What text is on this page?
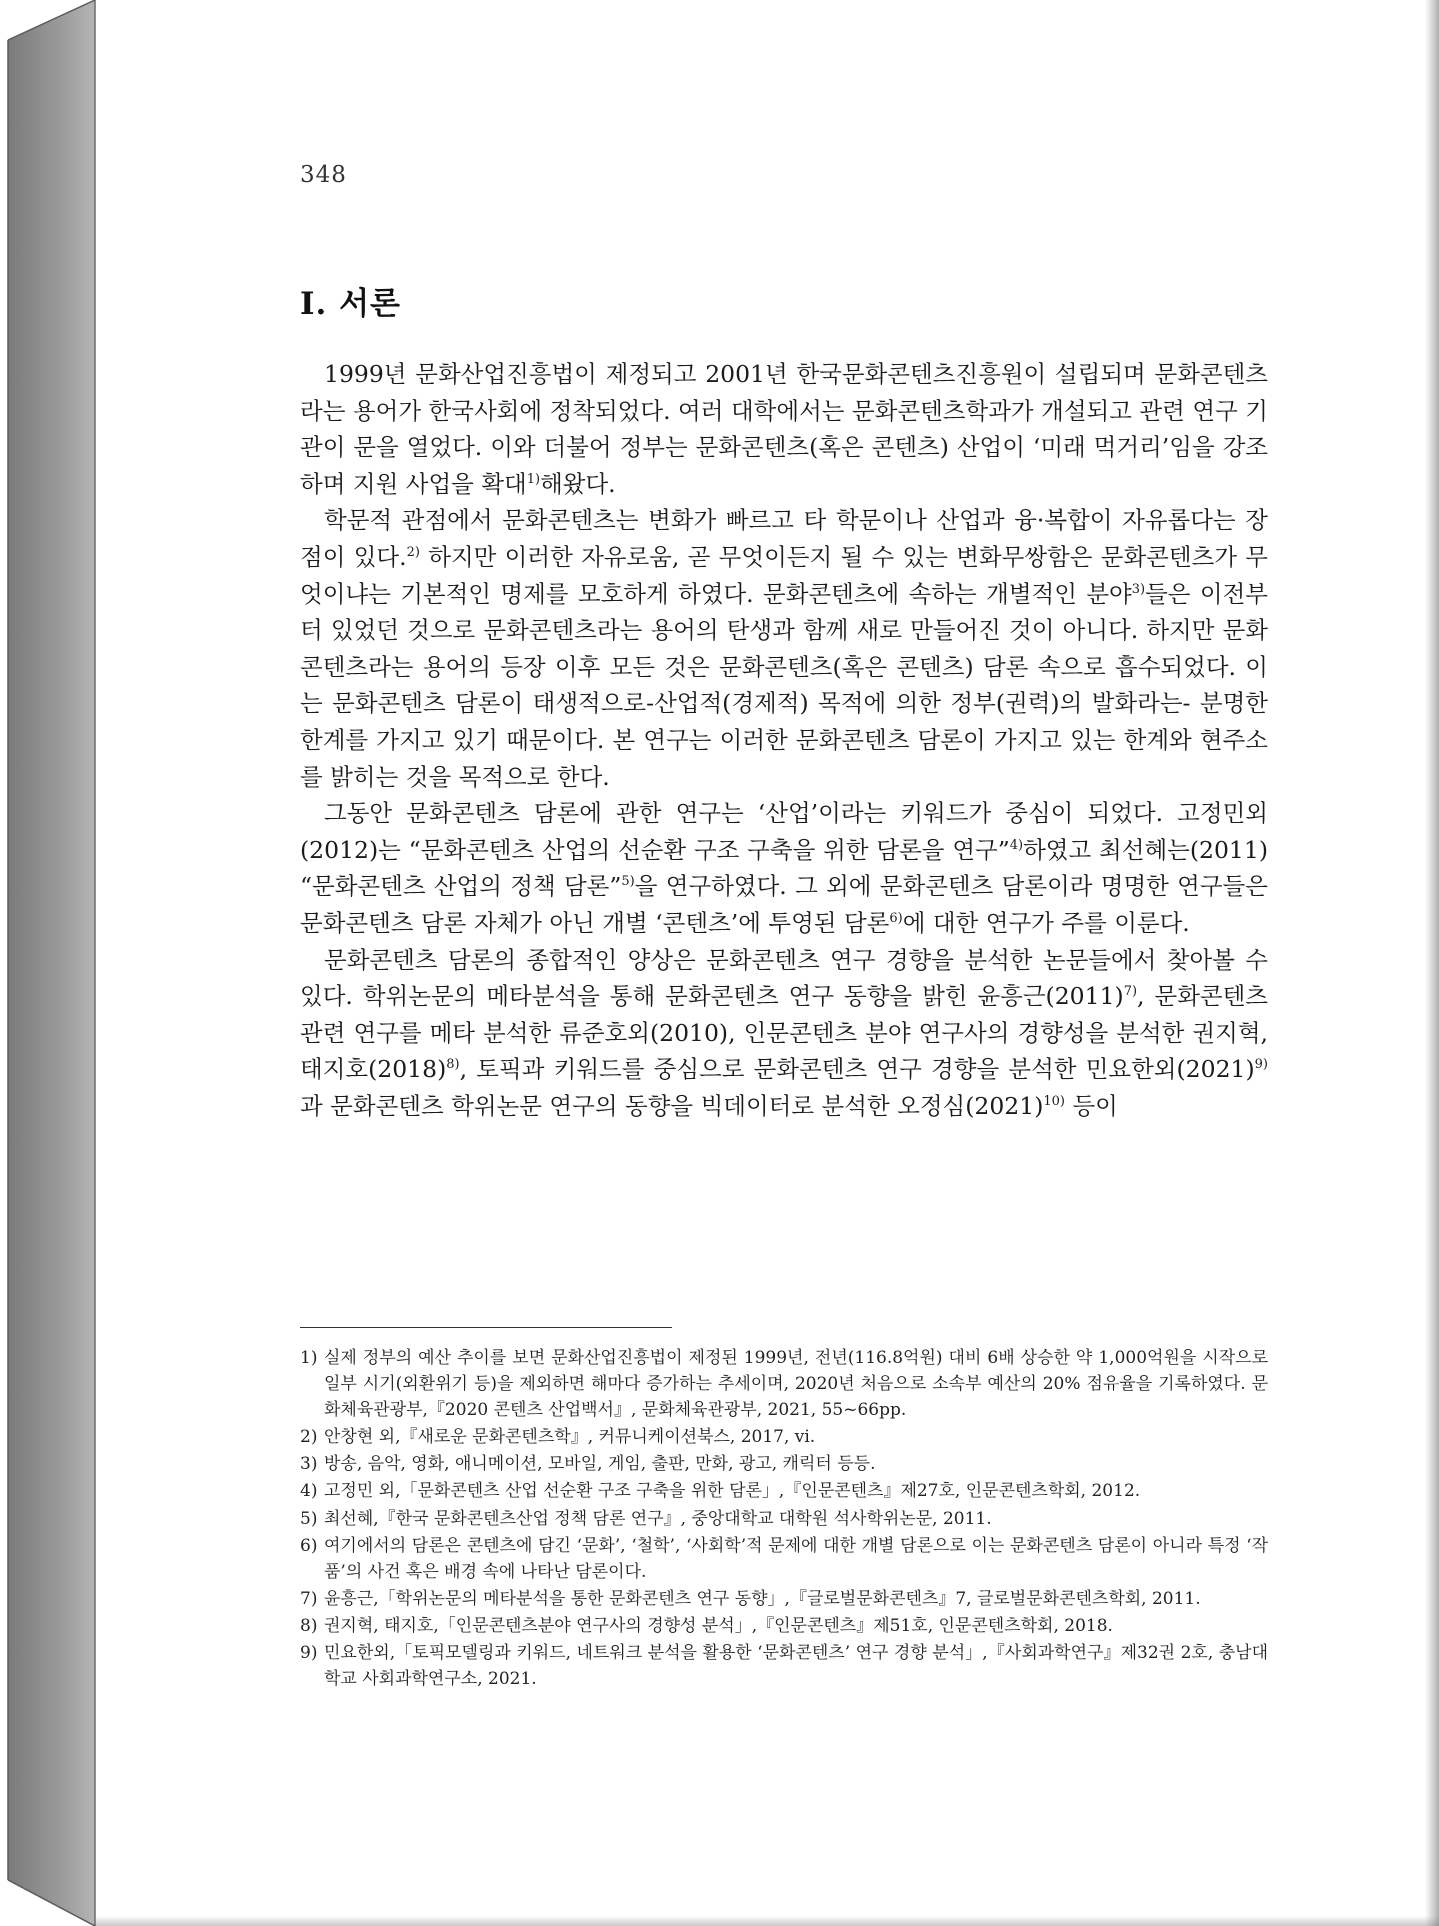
348
Ⅰ. 서론

1999년 문화산업진흥법이 제정되고 2001년 한국문화콘텐츠진흥원이 설립되며 문화콘텐츠라는 용어가 한국사회에 정착되었다. 여러 대학에서는 문화콘텐츠학과가 개설되고 관련 연구 기관이 문을 열었다. 이와 더불어 정부는 문화콘텐츠(혹은 콘텐츠) 산업이 ‘미래 먹거리’임을 강조하며 지원 사업을 확대$^{1)}$해왔다.

학문적 관점에서 문화콘텐츠는 변화가 빠르고 타 학문이나 산업과 융·복합이 자유롭다는 장점이 있다.$^{2)}$ 하지만 이러한 자유로움, 곧 무엇이든지 될 수 있는 변화무쌍함은 문화콘텐츠가 무엇이냐는 기본적인 명제를 모호하게 하였다. 문화콘텐츠에 속하는 개별적인 분야$^{3)}$들은 이전부터 있었던 것으로 문화콘텐츠라는 용어의 탄생과 함께 새로 만들어진 것이 아니다. 하지만 문화콘텐츠라는 용어의 등장 이후 모든 것은 문화콘텐츠(혹은 콘텐츠) 담론 속으로 흡수되었다. 이는 문화콘텐츠 담론이 태생적으로-산업적(경제적) 목적에 의한 정부(권력)의 발화라는- 분명한 한계를 가지고 있기 때문이다. 본 연구는 이러한 문화콘텐츠 담론이 가지고 있는 한계와 현주소를 밝히는 것을 목적으로 한다.

그동안 문화콘텐츠 담론에 관한 연구는 ‘산업’이라는 키워드가 중심이 되었다. 고정민외(2012)는 “문화콘텐츠 산업의 선순환 구조 구축을 위한 담론을 연구”$^{4)}$하였고 최선혜는(2011) “문화콘텐츠 산업의 정책 담론”$^{5)}$을 연구하였다. 그 외에 문화콘텐츠 담론이라 명명한 연구들은 문화콘텐츠 담론 자체가 아닌 개별 ‘콘텐츠’에 투영된 담론$^{6)}$에 대한 연구가 주를 이룬다.

문화콘텐츠 담론의 종합적인 양상은 문화콘텐츠 연구 경향을 분석한 논문들에서 찾아볼 수 있다. 학위논문의 메타분석을 통해 문화콘텐츠 연구 동향을 밝힌 윤흥근(2011)$^{7)}$, 문화콘텐츠 관련 연구를 메타 분석한 류준호외(2010), 인문콘텐츠 분야 연구사의 경향성을 분석한 권지혁, 태지호(2018)$^{8)}$, 토픽과 키워드를 중심으로 문화콘텐츠 연구 경향을 분석한 민요한외(2021)$^{9)}$과 문화콘텐츠 학위논문 연구의 동향을 빅데이터로 분석한 오정심(2021)$^{10)}$ 등이

1) 실제 정부의 예산 추이를 보면 문화산업진흥법이 제정된 1999년, 전년(116.8억원) 대비 6배 상승한 약 1,000억원을 시작으로 일부 시기(외환위기 등)을 제외하면 해마다 증가하는 추세이며, 2020년 처음으로 소속부 예산의 20% 점유율을 기록하였다. 문화체육관광부,『2020 콘텐츠 산업백서』, 문화체육관광부, 2021, 55~66pp.
2) 안창현 외,『새로운 문화콘텐츠학』, 커뮤니케이션북스, 2017, vi.
3) 방송, 음악, 영화, 애니메이션, 모바일, 게임, 출판, 만화, 광고, 캐릭터 등등.
4) 고정민 외,「문화콘텐츠 산업 선순환 구조 구축을 위한 담론」,『인문콘텐츠』제27호, 인문콘텐츠학회, 2012.
5) 최선혜,『한국 문화콘텐츠산업 정책 담론 연구』, 중앙대학교 대학원 석사학위논문, 2011.
6) 여기에서의 담론은 콘텐츠에 담긴 ‘문화’, ‘철학’, ‘사회학’적 문제에 대한 개별 담론으로 이는 문화콘텐츠 담론이 아니라 특정 ‘작품’의 사건 혹은 배경 속에 나타난 담론이다.
7) 윤흥근,「학위논문의 메타분석을 통한 문화콘텐츠 연구 동향」,『글로벌문화콘텐츠』7, 글로벌문화콘텐츠학회, 2011.
8) 권지혁, 태지호,「인문콘텐츠분야 연구사의 경향성 분석」,『인문콘텐츠』제51호, 인문콘텐츠학회, 2018.
9) 민요한외,「토픽모델링과 키워드, 네트워크 분석을 활용한 ‘문화콘텐츠’ 연구 경향 분석」,『사회과학연구』제32권 2호, 충남대학교 사회과학연구소, 2021.
